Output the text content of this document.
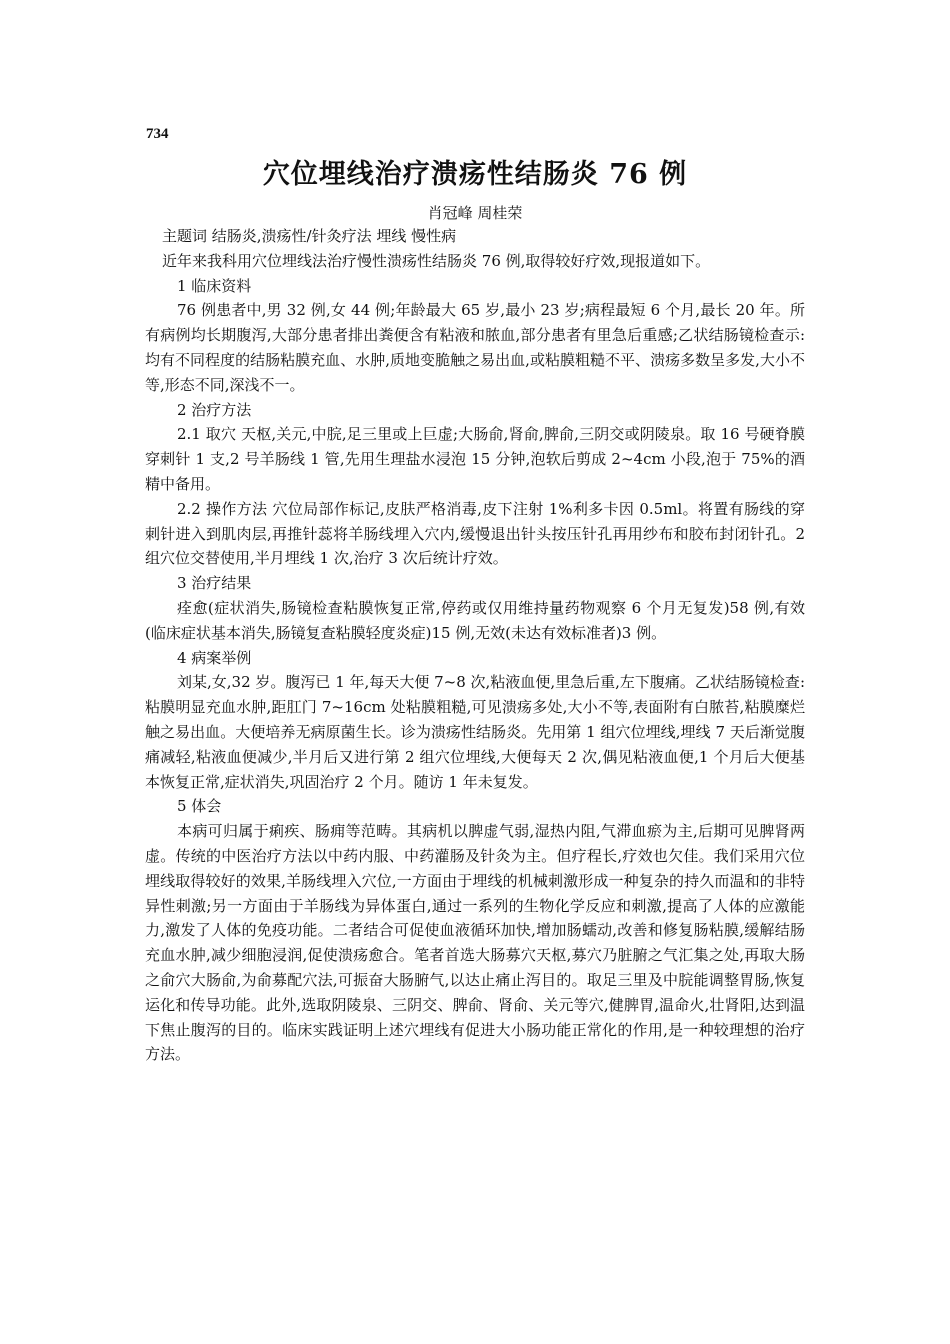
734
穴位埋线治疗溃疡性结肠炎 76 例
肖冠峰 周桂荣

主题词 结肠炎,溃疡性/针灸疗法 埋线 慢性病

近年来我科用穴位埋线法治疗慢性溃疡性结肠炎 76 例,取得较好疗效,现报道如下。

1 临床资料

76 例患者中,男 32 例,女 44 例;年龄最大 65 岁,最小 23 岁;病程最短 6 个月,最长 20 年。所有病例均长期腹泻,大部分患者排出粪便含有粘液和脓血,部分患者有里急后重感;乙状结肠镜检查示:均有不同程度的结肠粘膜充血、水肿,质地变脆触之易出血,或粘膜粗糙不平、溃疡多数呈多发,大小不等,形态不同,深浅不一。

2 治疗方法

2.1 取穴 天枢,关元,中脘,足三里或上巨虚;大肠俞,肾俞,脾俞,三阴交或阴陵泉。取 16 号硬脊膜穿刺针 1 支,2 号羊肠线 1 管,先用生理盐水浸泡 15 分钟,泡软后剪成 2~4cm 小段,泡于 75%的酒精中备用。

2.2 操作方法 穴位局部作标记,皮肤严格消毒,皮下注射 1%利多卡因 0.5ml。将置有肠线的穿刺针进入到肌肉层,再推针蕊将羊肠线埋入穴内,缓慢退出针头按压针孔再用纱布和胶布封闭针孔。2 组穴位交替使用,半月埋线 1 次,治疗 3 次后统计疗效。

3 治疗结果

痊愈(症状消失,肠镜检查粘膜恢复正常,停药或仅用维持量药物观察 6 个月无复发)58 例,有效(临床症状基本消失,肠镜复查粘膜轻度炎症)15 例,无效(未达有效标准者)3 例。

4 病案举例

刘某,女,32 岁。腹泻已 1 年,每天大便 7~8 次,粘液血便,里急后重,左下腹痛。乙状结肠镜检查:粘膜明显充血水肿,距肛门 7~16cm 处粘膜粗糙,可见溃疡多处,大小不等,表面附有白脓苔,粘膜糜烂触之易出血。大便培养无病原菌生长。诊为溃疡性结肠炎。先用第 1 组穴位埋线,埋线 7 天后渐觉腹痛减轻,粘液血便减少,半月后又进行第 2 组穴位埋线,大便每天 2 次,偶见粘液血便,1 个月后大便基本恢复正常,症状消失,巩固治疗 2 个月。随访 1 年未复发。

5 体会

本病可归属于痢疾、肠痈等范畴。其病机以脾虚气弱,湿热内阻,气滞血瘀为主,后期可见脾肾两虚。传统的中医治疗方法以中药内服、中药灌肠及针灸为主。但疗程长,疗效也欠佳。我们采用穴位埋线取得较好的效果,羊肠线埋入穴位,一方面由于埋线的机械刺激形成一种复杂的持久而温和的非特异性刺激;另一方面由于羊肠线为异体蛋白,通过一系列的生物化学反应和刺激,提高了人体的应激能力,激发了人体的免疫功能。二者结合可促使血液循环加快,增加肠蠕动,改善和修复肠粘膜,缓解结肠充血水肿,减少细胞浸润,促使溃疡愈合。笔者首选大肠募穴天枢,募穴乃脏腑之气汇集之处,再取大肠之俞穴大肠俞,为俞募配穴法,可振奋大肠腑气,以达止痛止泻目的。取足三里及中脘能调整胃肠,恢复运化和传导功能。此外,选取阴陵泉、三阴交、脾俞、肾俞、关元等穴,健脾胃,温命火,壮肾阳,达到温下焦止腹泻的目的。临床实践证明上述穴埋线有促进大小肠功能正常化的作用,是一种较理想的治疗方法。
